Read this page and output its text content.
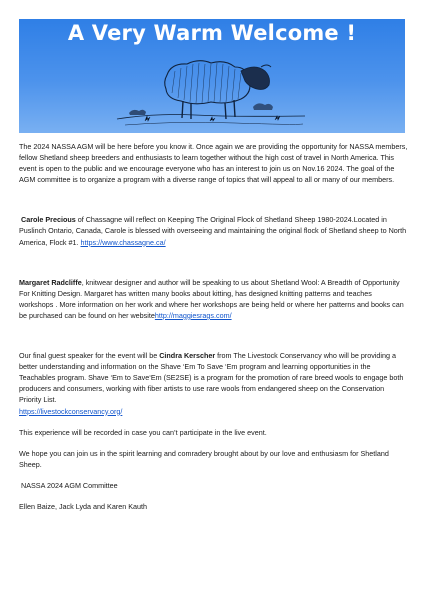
A Very Warm Welcome !

The 2024 NASSA AGM will be here before you know it. Once again we are providing the opportunity for NASSA members, fellow Shetland sheep breeders and enthusiasts to learn together without the high cost of travel in North America. This event is open to the public and we encourage everyone who has an interest to join us on Nov.16 2024. The goal of the AGM committee is to organize a program with a diverse range of topics that will appeal to all or many of our members.

Carole Precious of Chassagne will reflect on Keeping The Original Flock of Shetland Sheep 1980-2024.Located in Puslinch Ontario, Canada, Carole is blessed with overseeing and maintaining the original flock of Shetland sheep to North America, Flock #1. https://www.chassagne.ca/

Margaret Radcliffe, knitwear designer and author will be speaking to us about Shetland Wool: A Breadth of Opportunity For Knitting Design. Margaret has written many books about kitting, has designed knitting patterns and teaches workshops . More information on her work and where her workshops are being held or where her patterns and books can be purchased can be found on her websitehttp://maggiesrags.com/

Our final guest speaker for the event will be Cindra Kerscher from The Livestock Conservancy who will be providing a better understanding and information on the Shave ‘Em To Save ‘Em program and learning opportunities in the Teachables program. Shave ‘Em to Save‘Em (SE2SE) is a program for the promotion of rare breed wools to engage both producers and consumers, working with fiber artists to use rare wools from endangered sheep on the Conservation Priority List.
https://livestockconservancy.org/

This experience will be recorded in case you can’t participate in the live event.

We hope you can join us in the spirit learning and comradery brought about by our love and enthusiasm for Shetland Sheep.

NASSA 2024 AGM Committee

Ellen Baize, Jack Lyda and Karen Kauth
